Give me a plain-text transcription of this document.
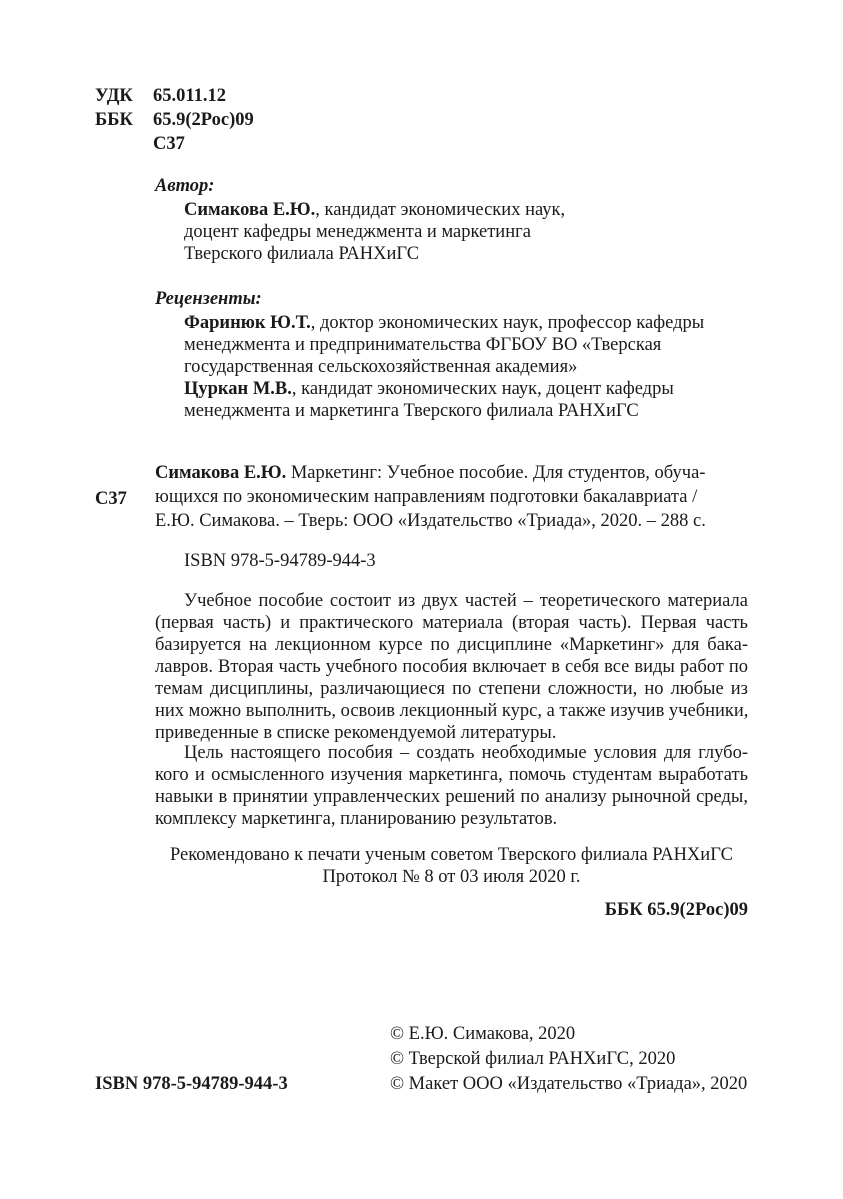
УДК 65.011.12
ББК 65.9(2Рос)09
С37
Автор:
Симакова Е.Ю., кандидат экономических наук,
доцент кафедры менеджмента и маркетинга
Тверского филиала РАНХиГС
Рецензенты:
Фаринюк Ю.Т., доктор экономических наук, профессор кафедры
менеджмента и предпринимательства ФГБОУ ВО «Тверская
государственная сельскохозяйственная академия»
Цуркан М.В., кандидат экономических наук, доцент кафедры
менеджмента и маркетинга Тверского филиала РАНХиГС
С37
Симакова Е.Ю. Маркетинг: Учебное пособие. Для студентов, обуча-
ющихся по экономическим направлениям подготовки бакалавриата /
Е.Ю. Симакова. – Тверь: ООО «Издательство «Триада», 2020. – 288 с.
ISBN 978-5-94789-944-3
Учебное пособие состоит из двух частей – теоретического материала
(первая часть) и практического материала (вторая часть). Первая часть
базируется на лекционном курсе по дисциплине «Маркетинг» для бака-
лавров. Вторая часть учебного пособия включает в себя все виды работ по
темам дисциплины, различающиеся по степени сложности, но любые из
них можно выполнить, освоив лекционный курс, а также изучив учебники,
приведенные в списке рекомендуемой литературы.
Цель настоящего пособия – создать необходимые условия для глубо-
кого и осмысленного изучения маркетинга, помочь студентам выработать
навыки в принятии управленческих решений по анализу рыночной среды,
комплексу маркетинга, планированию результатов.
Рекомендовано к печати ученым советом Тверского филиала РАНХиГС
Протокол № 8 от 03 июля 2020 г.
ББК 65.9(2Рос)09
ISBN 978-5-94789-944-3
© Е.Ю. Симакова, 2020
© Тверской филиал РАНХиГС, 2020
© Макет ООО «Издательство «Триада», 2020
